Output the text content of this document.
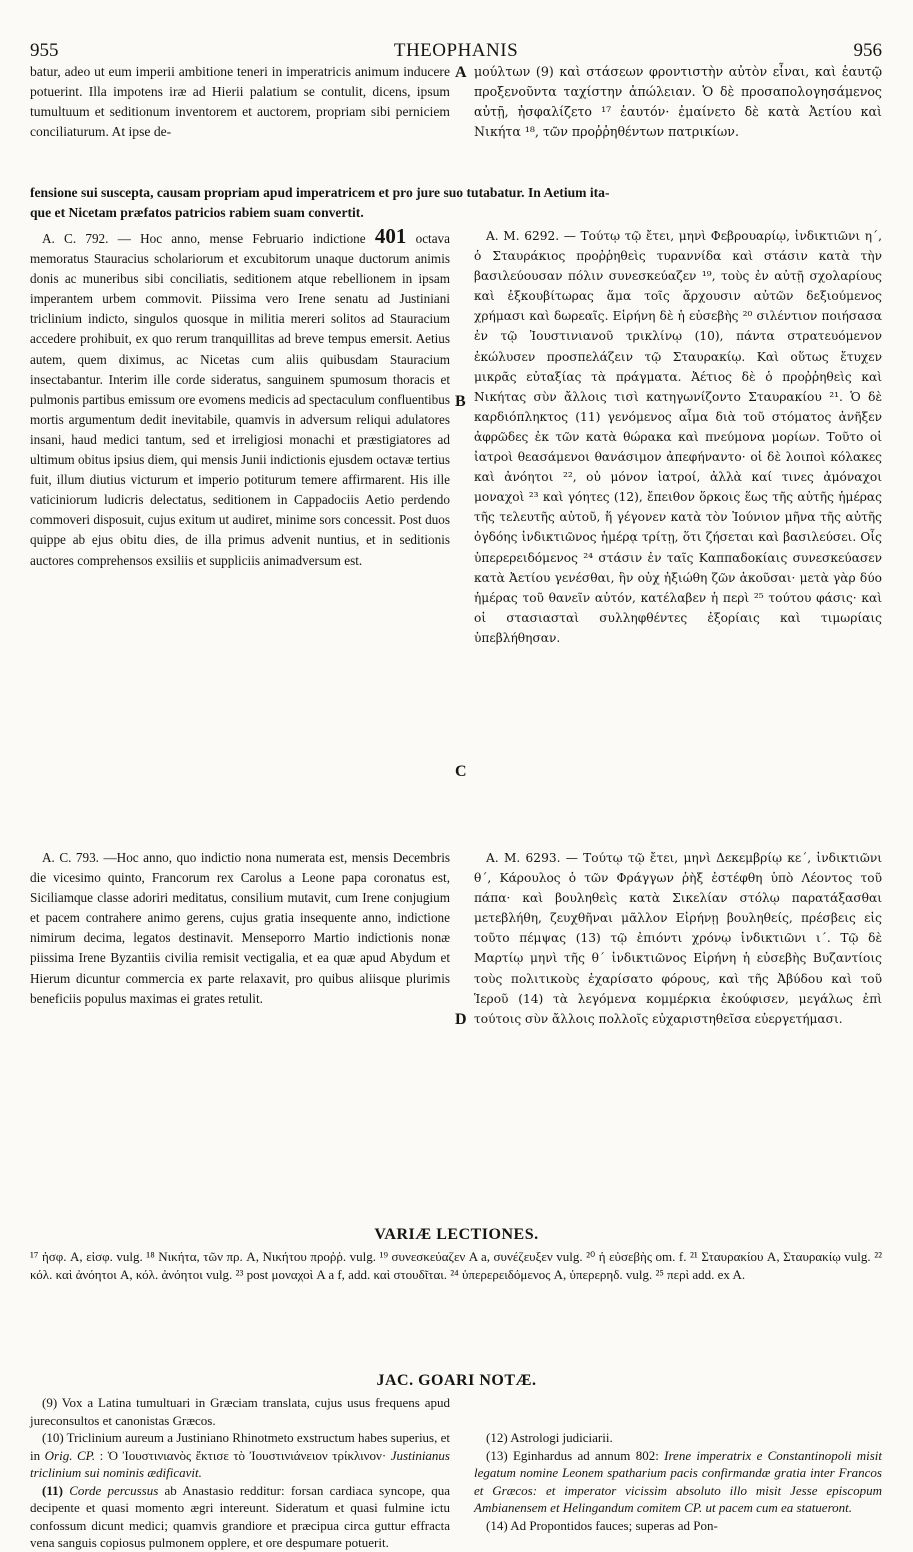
955	THEOPHANIS	956

batur, adeo ut eum imperii ambitione teneri in imperatricis animum inducere potuerint. Illa impotens iræ ad Hierii palatium se contulit, dicens, ipsum tumultuum et seditionum inventorem et auctorem, propriam sibi perniciem conciliaturum. At ipse de-

A μούλτων (9) καὶ στάσεων φροντιστὴν αὐτὸν εἶναι, καὶ ἑαυτῷ προξενοῦντα ταχίστην ἀπώλειαν. Ὁ δὲ προσαπολογησάμενος αὐτῇ, ἠσφαλίζετο ¹⁷ ἑαυτόν· ἐμαίνετο δὲ κατὰ Ἀετίου καὶ Νικήτα ¹⁸, τῶν προῤῥηθέντων πατρικίων.

fensione sui suscepta, causam propriam apud imperatricem et pro jure suo tutabatur. In Aetium ita-

que et Nicetam præfatos patricios rabiem suam convertit.

A. C. 792. — Hoc anno, mense Februario indictione 401 octava memoratus Stauracius scholariorum et excubitorum unaque ductorum animis donis ac muneribus sibi conciliatis, seditionem atque rebellionem in ipsam imperantem urbem commovit. Piissima vero Irene senatu ad Justiniani triclinium indicto, singulos quosque in militia mereri solitos ad Stauracium accedere prohibuit, ex quo rerum tranquillitas ad breve tempus emersit. Aetius autem, quem diximus, ac Nicetas cum aliis quibusdam Stauracium insectabantur. Interim ille corde sideratus, sanguinem spumosum thoracis et pulmonis partibus emissum ore evomens medicis ad spectaculum confluentibus mortis argumentum dedit inevitabile, quamvis in adversum reliqui adulatores insani, haud medici tantum, sed et irreligiosi monachi et præstigiatores ad ultimum obitus ipsius diem, qui mensis Junii indictionis ejusdem octavæ tertius fuit, illum diutius victurum et imperio potiturum temere affirmarent. His ille vaticiniorum ludicris delectatus, seditionem in Cappadociis Aetio perdendo commoveri disposuit, cujus exitum ut audiret, minime sors concessit. Post duos quippe ab ejus obitu dies, de illa primus advenit nuntius, et in seditionis auctores comprehensos exsiliis et suppliciis animadversum est.

B

A. M. 6292. — Τούτῳ τῷ ἔτει, μηνὶ Φεβρουαρίῳ, ἰνδικτιῶνι η΄, ὁ Σταυράκιος προῤῥηθεὶς τυραννίδα καὶ στάσιν κατὰ τὴν βασιλεύουσαν πόλιν συνεσκεύαζεν ¹⁹, τοὺς ἐν αὐτῇ σχολαρίους καὶ ἐξκουβίτωρας ἅμα τοῖς ἄρχουσιν αὐτῶν δεξιούμενος χρήμασι καὶ δωρεαῖς. Εἰρήνη δὲ ἡ εὐσεβὴς ²⁰ σιλέντιον ποιήσασα ἐν τῷ Ἰουστινιανοῦ τρικλίνῳ (10), πάντα στρατευόμενον ἐκώλυσεν προσπελάζειν τῷ Σταυρακίῳ. Καὶ οὕτως ἔτυχεν μικρᾶς εὐταξίας τὰ πράγματα. Ἀέτιος δὲ ὁ προῤῥηθεὶς καὶ Νικήτας σὺν ἄλλοις τισὶ κατηγωνίζοντο Σταυρακίου ²¹. Ὁ δὲ καρδιόπληκτος (11) γενόμενος αἷμα διὰ τοῦ στόματος ἀνῆξεν ἀφρῶδες ἐκ τῶν κατὰ θώρακα καὶ πνεύμονα μορίων. Τοῦτο οἱ ἰατροὶ θεασάμενοι θανάσιμον ἀπεφήναντο· οἱ δὲ λοιποὶ κόλακες καὶ ἀνόητοι ²², οὐ μόνον ἰατροί, ἀλλὰ καί τινες ἀμόναχοι μοναχοὶ ²³ καὶ γόητες (12), ἔπειθον ὅρκοις ἕως τῆς αὐτῆς ἡμέρας τῆς τελευτῆς αὐτοῦ, ἥ γέγονεν κατὰ τὸν Ἰούνιον μῆνα τῆς αὐτῆς ὀγδόης ἰνδικτιῶνος ἡμέρᾳ τρίτῃ, ὅτι ζήσεται καὶ βασιλεύσει. Οἷς ὑπερερειδόμενος ²⁴ στάσιν ἐν ταῖς Καππαδοκίαις συνεσκεύασεν κατὰ Ἀετίου γενέσθαι, ἣν οὐχ ἠξιώθη ζῶν ἀκοῦσαι· μετὰ γὰρ δύο ἡμέρας τοῦ θανεῖν αὐτόν, κατέλαβεν ἡ περὶ ²⁵ τούτου φάσις· καὶ οἱ στασιασταὶ συλληφθέντες ἐξορίαις καὶ τιμωρίαις ὑπεβλήθησαν.

C

A. C. 793. —Hoc anno, quo indictio nona numerata est, mensis Decembris die vicesimo quinto, Francorum rex Carolus a Leone papa coronatus est, Siciliamque classe adoriri meditatus, consilium mutavit, cum Irene conjugium et pacem contrahere animo gerens, cujus gratia insequente anno, indictione nimirum decima, legatos destinavit. Menseporro Martio indictionis nonæ piissima Irene Byzantiis civilia remisit vectigalia, et ea quæ apud Abydum et Hierum dicuntur commercia ex parte relaxavit, pro quibus aliisque plurimis beneficiis populus maximas ei grates retulit.

D

A. M. 6293. — Τούτῳ τῷ ἔτει, μηνὶ Δεκεμβρίῳ κε΄, ἰνδικτιῶνι θ΄, Κάρουλος ὁ τῶν Φράγγων ῥὴξ ἐστέφθη ὑπὸ Λέοντος τοῦ πάπα· καὶ βουληθεὶς κατὰ Σικελίαν στόλῳ παρατάξασθαι μετεβλήθη, ζευχθῆναι μᾶλλον Εἰρήνῃ βουληθείς, πρέσβεις εἰς τοῦτο πέμψας (13) τῷ ἐπιόντι χρόνῳ ἰνδικτιῶνι ι΄. Τῷ δὲ Μαρτίῳ μηνὶ τῆς θ΄ ἰνδικτιῶνος Εἰρήνη ἡ εὐσεβὴς Βυζαντίοις τοὺς πολιτικοὺς ἐχαρίσατο φόρους, καὶ τῆς Ἀβύδου καὶ τοῦ Ἱεροῦ (14) τὰ λεγόμενα κομμέρκια ἐκούφισεν, μεγάλως ἐπὶ τούτοις σὺν ἄλλοις πολλοῖς εὐχαριστηθεῖσα εὐεργετήμασι.

VARIÆ LECTIONES.
¹⁷ ἠσφ. A, εἰσφ. vulg. ¹⁸ Νικήτα, τῶν πρ. A, Νικήτου προῤῥ. vulg. ¹⁹ συνεσκεύαζεν A a, συνέζευξεν vulg. ²⁰ ἡ εὐσεβὴς om. f. ²¹ Σταυρακίου A, Σταυρακίῳ vulg. ²² κόλ. καὶ ἀνόητοι A, κόλ. ἀνόητοι vulg. ²³ post μοναχοὶ A a f, add. καὶ στουδῖται. ²⁴ ὑπερερειδόμενος A, ὑπερερηδ. vulg. ²⁵ περὶ add. ex A.
JAC. GOARI NOTÆ.

(9) Vox a Latina tumultuari in Græciam translata, cujus usus frequens apud jureconsultos et canonistas Græcos.

(10) Triclinium aureum a Justiniano Rhinotmeto exstructum habes superius, et in Orig. CP. : Ὁ Ἰουστινιανὸς ἔκτισε τὸ Ἰουστινιάνειον τρίκλινον· Justinianus triclinium sui nominis ædificavit.

(11) Corde percussus ab Anastasio redditur: forsan cardiaca syncope, qua decipente et quasi momento ægri intereunt. Sideratum et quasi fulmine ictu confossum dicunt medici; quamvis grandiore et præcipua circa guttur effracta vena sanguis copiosus pulmonem opplere, et ore despumare potuerit.

(12) Astrologi judiciarii.

(13) Eginhardus ad annum 802: Irene imperatrix e Constantinopoli misit legatum nomine Leonem spatharium pacis confirmandæ gratia inter Francos et Græcos: et imperator vicissim absoluto illo misit Jesse episcopum Ambianensem et Helingandum comitem CP. ut pacem cum ea statueront.

(14) Ad Propontidos fauces; superas ad Pon-
